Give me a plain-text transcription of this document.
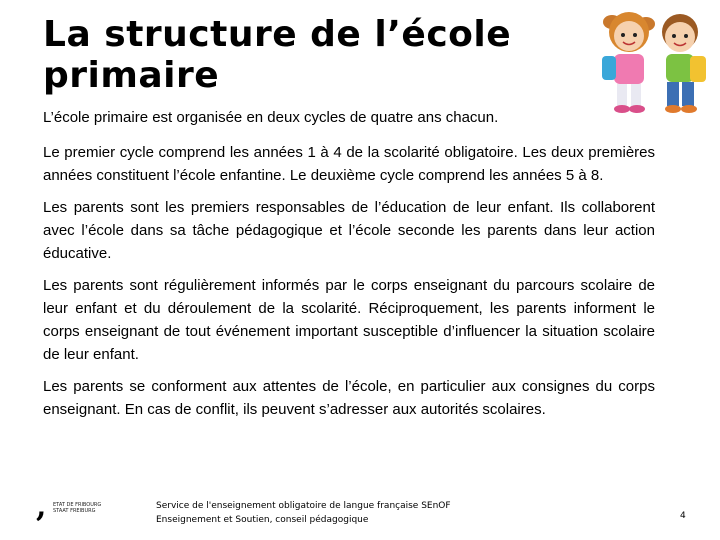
La structure de l’école
primaire

L’école primaire est organisée en deux cycles de quatre ans chacun.

Le premier cycle comprend les années 1 à 4 de la scolarité obligatoire. Les deux premières années constituent l’école enfantine. Le deuxième cycle comprend les années 5 à 8.

Les parents sont les premiers responsables de l’éducation de leur enfant. Ils collaborent avec l’école dans sa tâche pédagogique et l’école seconde les parents dans leur action éducative.

Les parents sont régulièrement informés par le corps enseignant du parcours scolaire de leur enfant et du déroulement de la scolarité. Réciproquement, les parents informent le corps enseignant de tout événement important susceptible d’influencer la situation scolaire de leur enfant.

Les parents se conforment aux attentes de l’école, en particulier aux consignes du corps enseignant. En cas de conflit, ils peuvent s’adresser aux autorités scolaires.

, ETAT DE FRIBOURG
STAAT FREIBURG	Service de l'enseignement obligatoire de langue française SEnOF
Enseignement et Soutien, conseil pédagogique	4
